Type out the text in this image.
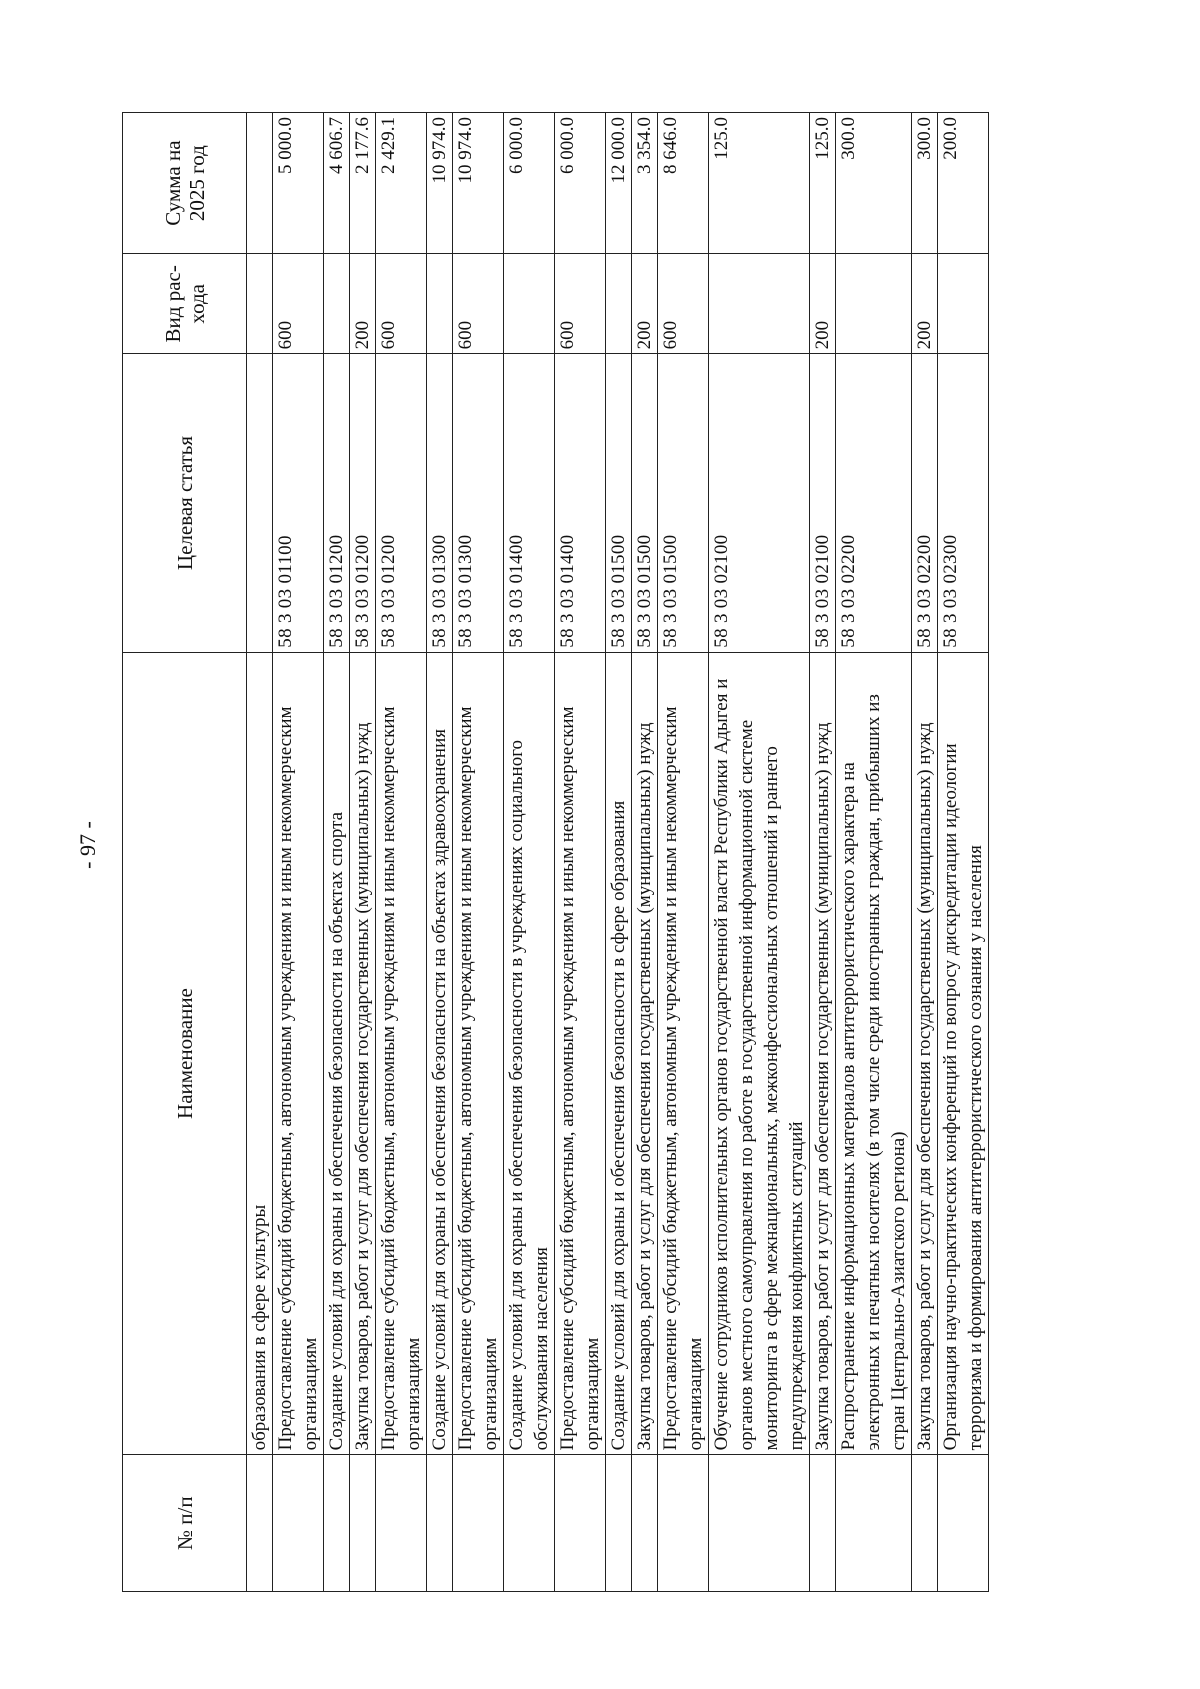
- 97 -
№ п/п	Наименование	Целевая статья	Вид рас- хода	Сумма на 2025 год
	образования в сфере культуры			
	Предоставление субсидий бюджетным, автономным учреждениям и иным некоммерческим организациям	58 3 03 01100	600	5 000.0
	Создание условий для охраны и обеспечения безопасности на объектах спорта	58 3 03 01200		4 606.7
	Закупка товаров, работ и услуг для обеспечения государственных (муниципальных) нужд	58 3 03 01200	200	2 177.6
	Предоставление субсидий бюджетным, автономным учреждениям и иным некоммерческим организациям	58 3 03 01200	600	2 429.1
	Создание условий для охраны и обеспечения безопасности на объектах здравоохранения	58 3 03 01300		10 974.0
	Предоставление субсидий бюджетным, автономным учреждениям и иным некоммерческим организациям	58 3 03 01300	600	10 974.0
	Создание условий для охраны и обеспечения безопасности в учреждениях социального обслуживания населения	58 3 03 01400		6 000.0
	Предоставление субсидий бюджетным, автономным учреждениям и иным некоммерческим организациям	58 3 03 01400	600	6 000.0
	Создание условий для охраны и обеспечения безопасности в сфере образования	58 3 03 01500		12 000.0
	Закупка товаров, работ и услуг для обеспечения государственных (муниципальных) нужд	58 3 03 01500	200	3 354.0
	Предоставление субсидий бюджетным, автономным учреждениям и иным некоммерческим организациям	58 3 03 01500	600	8 646.0
	Обучение сотрудников исполнительных органов государственной власти Республики Адыгея и органов местного самоуправления по работе в государственной информационной системе мониторинга в сфере межнациональных, межконфессиональных отношений и раннего предупреждения конфликтных ситуаций	58 3 03 02100		125.0
	Закупка товаров, работ и услуг для обеспечения государственных (муниципальных) нужд	58 3 03 02100	200	125.0
	Распространение информационных материалов антитеррористического характера на электронных и печатных носителях (в том числе среди иностранных граждан, прибывших из стран Центрально-Азиатского региона)	58 3 03 02200		300.0
	Закупка товаров, работ и услуг для обеспечения государственных (муниципальных) нужд	58 3 03 02200	200	300.0
	Организация научно-практических конференций по вопросу дискредитации идеологии терроризма и формирования антитеррористического сознания у населения	58 3 03 02300		200.0
